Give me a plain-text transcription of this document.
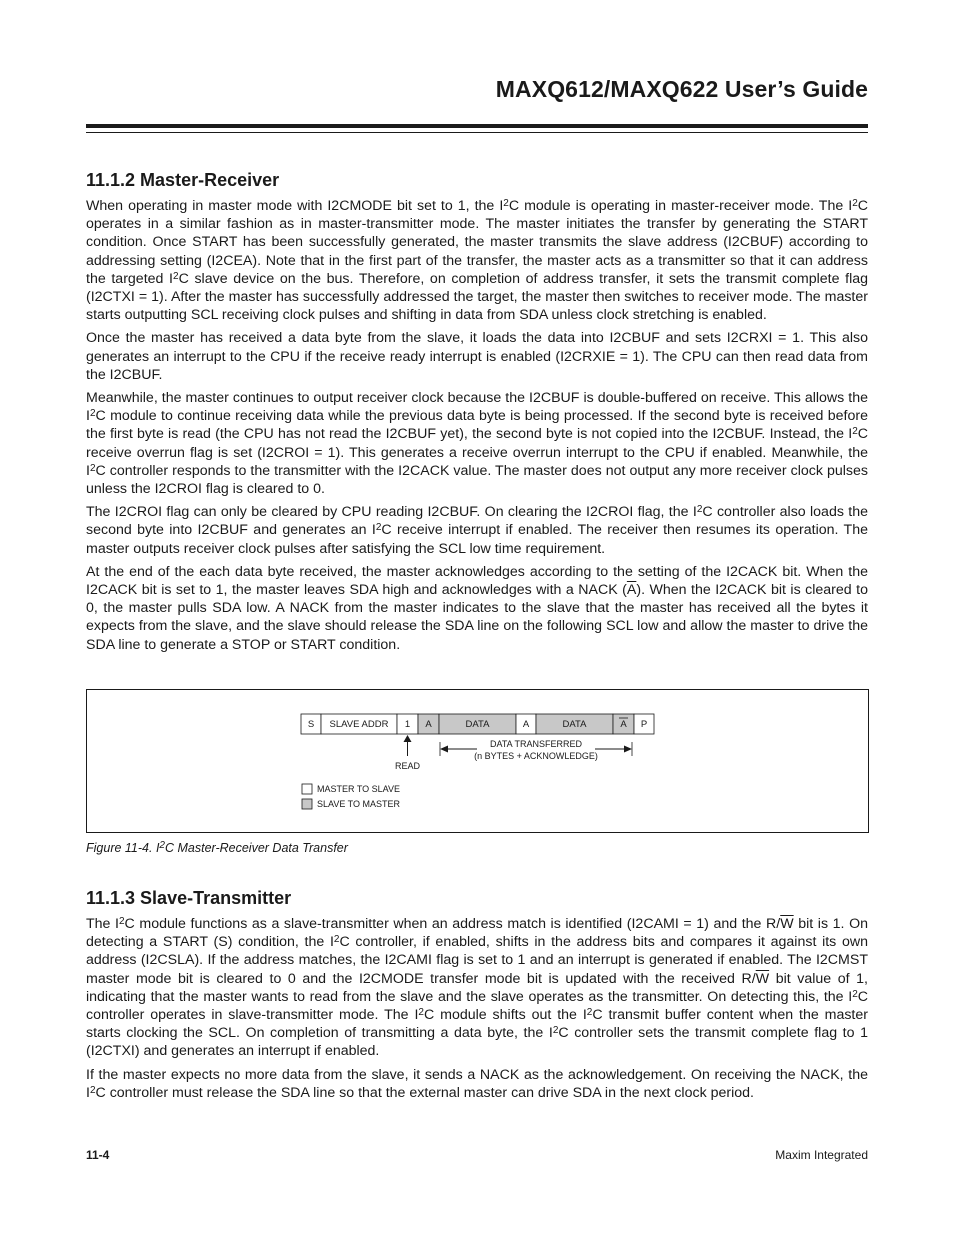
MAXQ612/MAXQ622 User’s Guide
11.1.2 Master-Receiver

When operating in master mode with I2CMODE bit set to 1, the $I^2C$ module is operating in master-receiver mode. The $I^2C$ operates in a similar fashion as in master-transmitter mode. The master initiates the transfer by generating the START condition. Once START has been successfully generated, the master transmits the slave address (I2CBUF) according to addressing setting (I2CEA). Note that in the first part of the transfer, the master acts as a transmitter so that it can address the targeted $I^2C$ slave device on the bus. Therefore, on completion of address transfer, it sets the transmit complete flag (I2CTXI = 1). After the master has successfully addressed the target, the master then switches to receiver mode. The master starts outputting SCL receiving clock pulses and shifting in data from SDA unless clock stretching is enabled.

Once the master has received a data byte from the slave, it loads the data into I2CBUF and sets I2CRXI = 1. This also generates an interrupt to the CPU if the receive ready interrupt is enabled (I2CRXIE = 1). The CPU can then read data from the I2CBUF.

Meanwhile, the master continues to output receiver clock because the I2CBUF is double-buffered on receive. This allows the $I^2C$ module to continue receiving data while the previous data byte is being processed. If the second byte is received before the first byte is read (the CPU has not read the I2CBUF yet), the second byte is not copied into the I2CBUF. Instead, the $I^2C$ receive overrun flag is set (I2CROI = 1). This generates a receive overrun interrupt to the CPU if enabled. Meanwhile, the $I^2C$ controller responds to the transmitter with the I2CACK value. The master does not output any more receiver clock pulses unless the I2CROI flag is cleared to 0.

The I2CROI flag can only be cleared by CPU reading I2CBUF. On clearing the I2CROI flag, the $I^2C$ controller also loads the second byte into I2CBUF and generates an $I^2C$ receive interrupt if enabled. The receiver then resumes its operation. The master outputs receiver clock pulses after satisfying the SCL low time requirement.

At the end of the each data byte received, the master acknowledges according to the setting of the I2CACK bit. When the I2CACK bit is set to 1, the master leaves SDA high and acknowledges with a NACK $(\overline{A})$. When the I2CACK bit is cleared to 0, the master pulls SDA low. A NACK from the master indicates to the slave that the master has received all the bytes it expects from the slave, and the slave should release the SDA line on the following SCL low and allow the master to drive the SDA line to generate a STOP or START condition.

S SLAVE ADDR 1 A	DATA	A	DATA	A P
READ
DATA TRANSFERRED
(n BYTES + ACKNOWLEDGE)
MASTER TO SLAVE
SLAVE TO MASTER

Figure 11-4. $I^2C$ Master-Receiver Data Transfer

11.1.3 Slave-Transmitter

The $I^2C$ module functions as a slave-transmitter when an address match is identified (I2CAMI = 1) and the $R/\overline{W}$ bit is 1. On detecting a START (S) condition, the $I^2C$ controller, if enabled, shifts in the address bits and compares it against its own address (I2CSLA). If the address matches, the I2CAMI flag is set to 1 and an interrupt is generated if enabled. The I2CMST master mode bit is cleared to 0 and the I2CMODE transfer mode bit is updated with the received $R/\overline{W}$ bit value of 1, indicating that the master wants to read from the slave and the slave operates as the transmitter. On detecting this, the $I^2C$ controller operates in slave-transmitter mode. The $I^2C$ module shifts out the $I^2C$ transmit buffer content when the master starts clocking the SCL. On completion of transmitting a data byte, the $I^2C$ controller sets the transmit complete flag to 1 (I2CTXI) and generates an interrupt if enabled.

If the master expects no more data from the slave, it sends a NACK as the acknowledgement. On receiving the NACK, the $I^2C$ controller must release the SDA line so that the external master can drive SDA in the next clock period.

11-4	Maxim Integrated
